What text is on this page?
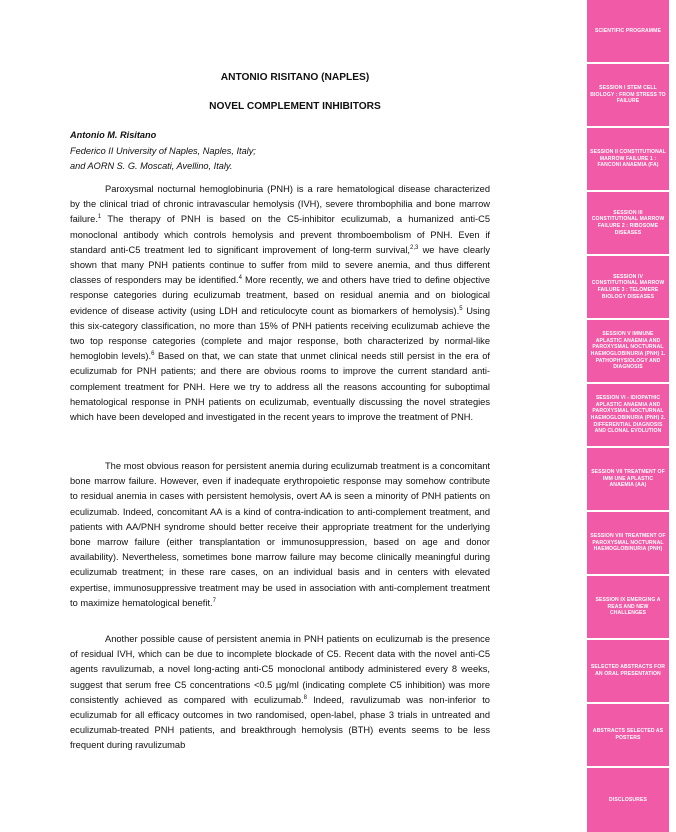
ANTONIO RISITANO (NAPLES)
NOVEL COMPLEMENT INHIBITORS
Antonio M. Risitano
Federico II University of Naples, Naples, Italy;
and AORN S. G. Moscati, Avellino, Italy.

Paroxysmal nocturnal hemoglobinuria (PNH) is a rare hematological disease characterized by the clinical triad of chronic intravascular hemolysis (IVH), severe thrombophilia and bone marrow failure.$^1$ The therapy of PNH is based on the C5-inhibitor eculizumab, a humanized anti-C5 monoclonal antibody which controls hemolysis and prevent thromboembolism of PNH. Even if standard anti-C5 treatment led to significant improvement of long-term survival,$^{2,3}$ we have clearly shown that many PNH patients continue to suffer from mild to severe anemia, and thus different classes of responders may be identified.$^4$ More recently, we and others have tried to define objective response categories during eculizumab treatment, based on residual anemia and on biological evidence of disease activity (using LDH and reticulocyte count as biomarkers of hemolysis).$^5$ Using this six-category classification, no more than 15% of PNH patients receiving eculizumab achieve the two top response categories (complete and major response, both characterized by normal-like hemoglobin levels).$^6$ Based on that, we can state that unmet clinical needs still persist in the era of eculizumab for PNH patients; and there are obvious rooms to improve the current standard anti-complement treatment for PNH. Here we try to address all the reasons accounting for suboptimal hematological response in PNH patients on eculizumab, eventually discussing the novel strategies which have been developed and investigated in the recent years to improve the treatment of PNH.

The most obvious reason for persistent anemia during eculizumab treatment is a concomitant bone marrow failure. However, even if inadequate erythropoietic response may somehow contribute to residual anemia in cases with persistent hemolysis, overt AA is seen a minority of PNH patients on eculizumab. Indeed, concomitant AA is a kind of contra-indication to anti-complement treatment, and patients with AA/PNH syndrome should better receive their appropriate treatment for the underlying bone marrow failure (either transplantation or immunosuppression, based on age and donor availability). Nevertheless, sometimes bone marrow failure may become clinically meaningful during eculizumab treatment; in these rare cases, on an individual basis and in centers with elevated expertise, immunosuppressive treatment may be used in association with anti-complement treatment to maximize hematological benefit.$^7$

Another possible cause of persistent anemia in PNH patients on eculizumab is the presence of residual IVH, which can be due to incomplete blockade of C5. Recent data with the novel anti-C5 agents ravulizumab, a novel long-acting anti-C5 monoclonal antibody administered every 8 weeks, suggest that serum free C5 concentrations <0.5 µg/ml (indicating complete C5 inhibition) was more consistently achieved as compared with eculizumab.$^8$ Indeed, ravulizumab was non-inferior to eculizumab for all efficacy outcomes in two randomised, open-label, phase 3 trials in untreated and eculizumab-treated PNH patients, and breakthrough hemolysis (BTH) events seems to be less frequent during ravulizumab

SCIENTIFIC PROGRAMME
SESSION I STEM CELL BIOLOGY : FROM STRESS TO FAILURE
SESSION II CONSTITUTIONAL MARROW FAILURE 1 : FANCONI ANAEMIA (FA)
SESSION III CONSTITUTIONAL MARROW FAILURE 2 : RIBOSOME DISEASES
SESSION IV CONSTITUTIONAL MARROW FAILURE 3 : TELOMERE BIOLOGY DISEASES
SESSION V IMMUNE APLASTIC ANAEMIA AND PAROXYSMAL NOCTURNAL HAEMOGLOBINURIA (PNH) 1. PATHOPHYSIOLOGY AND DIAGNOSIS
SESSION VI - IDIOPATHIC APLASTIC ANAEMIA AND PAROXYSMAL NOCTURNAL HAEMOGLOBINURIA (PNH) 2. DIFFERENTIAL DIAGNOSIS AND CLONAL EVOLUTION
SESSION VII TREATMENT OF IMM UNE APLASTIC ANAEMIA (AA)
SESSION VIII TREATMENT OF PAROXYSMAL NOCTURNAL HAEMOGLOBINURIA (PNH)
SESSION IX EMERGING A REAS AND NEW CHALLENGES
SELECTED ABSTRACTS FOR AN ORAL PRESENTATION
ABSTRACTS SELECTED AS POSTERS
DISCLOSURES
